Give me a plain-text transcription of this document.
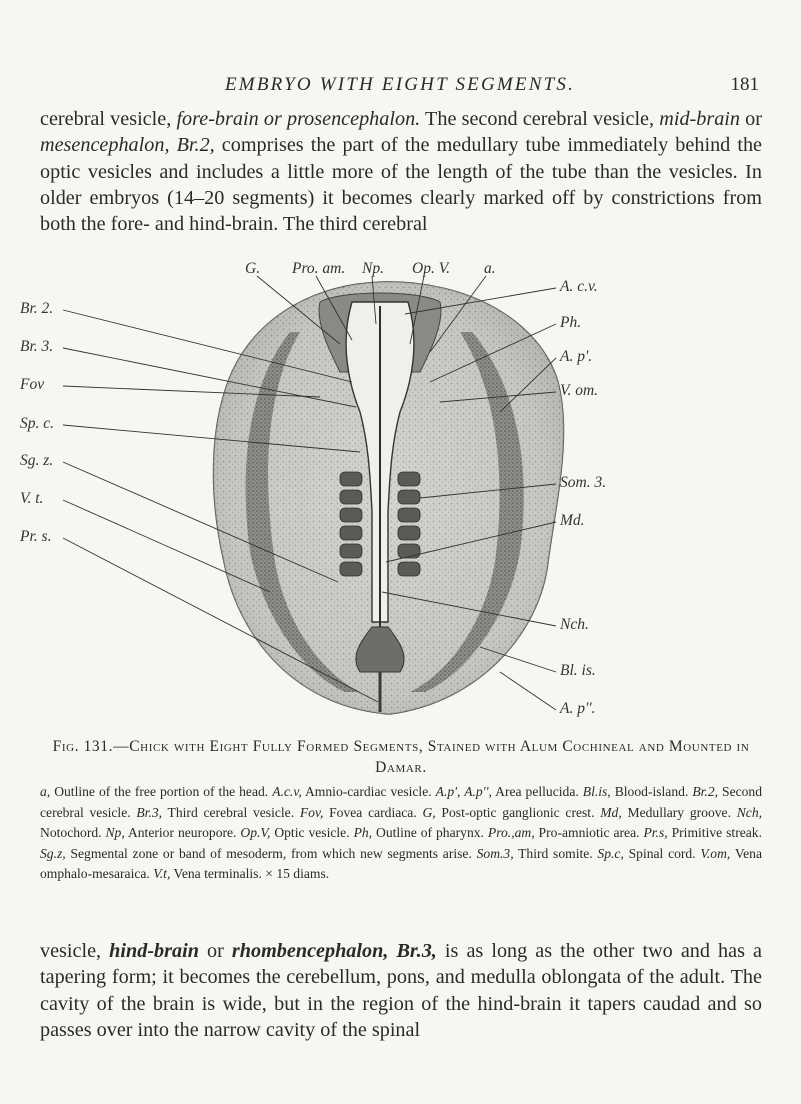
EMBRYO WITH EIGHT SEGMENTS.	181

cerebral vesicle, fore-brain or prosencephalon. The second cerebral vesicle, mid-brain or mesencephalon, Br.2, comprises the part of the medullary tube immediately behind the optic vesicles and includes a little more of the length of the tube than the vesicles. In older embryos (14–20 segments) it becomes clearly marked off by constrictions from both the fore- and hind-brain. The third cerebral

G. Pro. am. Np. Op. V. a.
Br. 2.
Br. 3.
Fov
Sp. c.
Sg. z.
V. t.
Pr. s.
A. c.v.
Ph.
A. p'.
V. om.
Som. 3.
Md.
Nch.
Bl. is.
A. p''.
Fig. 131.—Chick with Eight Fully Formed Segments, Stained with Alum Cochineal and Mounted in Damar.

a, Outline of the free portion of the head. A.c.v, Amnio-cardiac vesicle. A.p', A.p'', Area pellucida. Bl.is, Blood-island. Br.2, Second cerebral vesicle. Br.3, Third cerebral vesicle. Fov, Fovea cardiaca. G, Post-optic ganglionic crest. Md, Medullary groove. Nch, Notochord. Np, Anterior neuropore. Op.V, Optic vesicle. Ph, Outline of pharynx. Pro.,am, Pro-amniotic area. Pr.s, Primitive streak. Sg.z, Segmental zone or band of mesoderm, from which new segments arise. Som.3, Third somite. Sp.c, Spinal cord. V.om, Vena omphalo-mesaraica. V.t, Vena terminalis. × 15 diams.

vesicle, hind-brain or rhombencephalon, Br.3, is as long as the other two and has a tapering form; it becomes the cerebellum, pons, and medulla oblongata of the adult. The cavity of the brain is wide, but in the region of the hind-brain it tapers caudad and so passes over into the narrow cavity of the spinal
